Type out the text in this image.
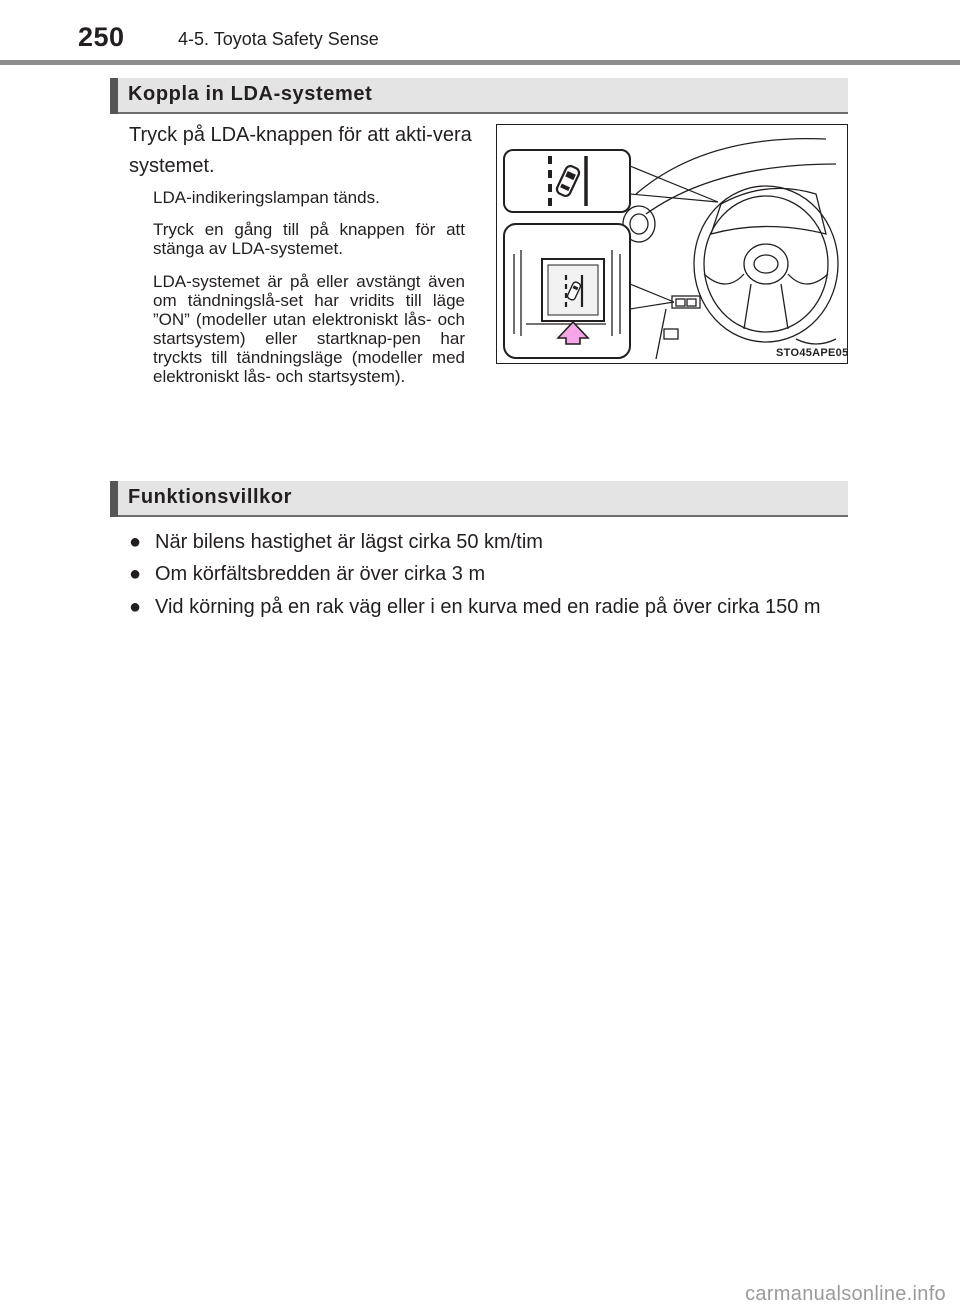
250	4-5. Toyota Safety Sense
Koppla in LDA-systemet
Tryck på LDA-knappen för att akti-vera systemet.
LDA-indikeringslampan tänds.
Tryck en gång till på knappen för att stänga av LDA-systemet.
LDA-systemet är på eller avstängt även om tändningslå-set har vridits till läge ”ON” (modeller utan elektroniskt lås- och startsystem) eller startknap-pen har tryckts till tändningsläge (modeller med elektroniskt lås- och startsystem).
STO45APE05
Funktionsvillkor
● När bilens hastighet är lägst cirka 50 km/tim
● Om körfältsbredden är över cirka 3 m
● Vid körning på en rak väg eller i en kurva med en radie på över cirka 150 m
carmanualsonline.info
